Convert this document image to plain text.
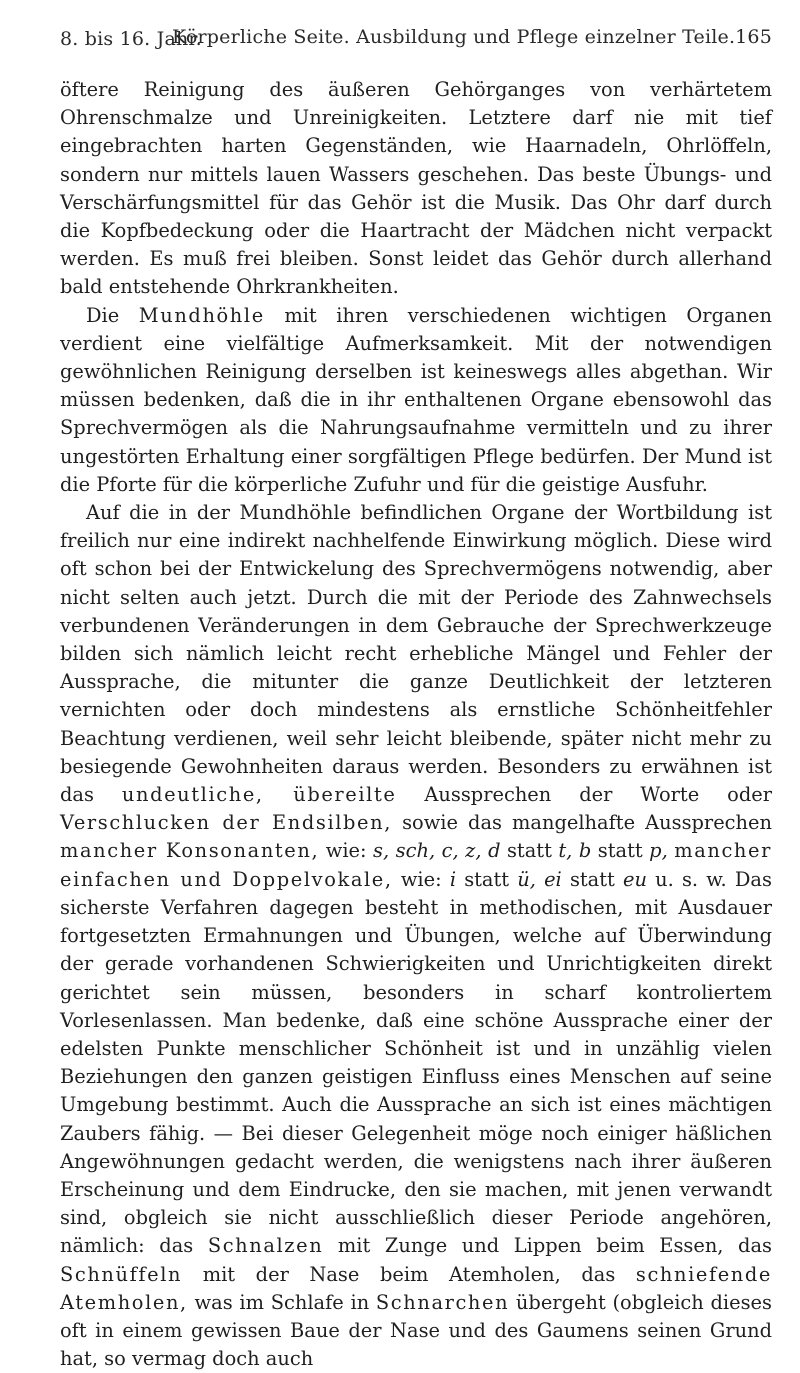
8. bis 16. Jahr.
Körperliche Seite. Ausbildung und Pflege einzelner Teile. 165

öftere Reinigung des äußeren Gehörganges von verhärtetem Ohrenschmalze und Unreinigkeiten. Letztere darf nie mit tief eingebrachten harten Gegenständen, wie Haarnadeln, Ohrlöffeln, sondern nur mittels lauen Wassers geschehen. Das beste Übungs- und Verschärfungsmittel für das Gehör ist die Musik. Das Ohr darf durch die Kopfbedeckung oder die Haartracht der Mädchen nicht verpackt werden. Es muß frei bleiben. Sonst leidet das Gehör durch allerhand bald entstehende Ohrkrankheiten.

Die Mundhöhle mit ihren verschiedenen wichtigen Organen verdient eine vielfältige Aufmerksamkeit. Mit der notwendigen gewöhnlichen Reinigung derselben ist keineswegs alles abgethan. Wir müssen bedenken, daß die in ihr enthaltenen Organe ebensowohl das Sprechvermögen als die Nahrungsaufnahme vermitteln und zu ihrer ungestörten Erhaltung einer sorgfältigen Pflege bedürfen. Der Mund ist die Pforte für die körperliche Zufuhr und für die geistige Ausfuhr.

Auf die in der Mundhöhle befindlichen Organe der Wortbildung ist freilich nur eine indirekt nachhelfende Einwirkung möglich. Diese wird oft schon bei der Entwickelung des Sprechvermögens notwendig, aber nicht selten auch jetzt. Durch die mit der Periode des Zahnwechsels verbundenen Veränderungen in dem Gebrauche der Sprechwerkzeuge bilden sich nämlich leicht recht erhebliche Mängel und Fehler der Aussprache, die mitunter die ganze Deutlichkeit der letzteren vernichten oder doch mindestens als ernstliche Schönheitfehler Beachtung verdienen, weil sehr leicht bleibende, später nicht mehr zu besiegende Gewohnheiten daraus werden. Besonders zu erwähnen ist das undeutliche, übereilte Aussprechen der Worte oder Verschlucken der Endsilben, sowie das mangelhafte Aussprechen mancher Konsonanten, wie: s, sch, c, z, d statt t, b statt p, mancher einfachen und Doppelvokale, wie: i statt ü, ei statt eu u. s. w. Das sicherste Verfahren dagegen besteht in methodischen, mit Ausdauer fortgesetzten Ermahnungen und Übungen, welche auf Überwindung der gerade vorhandenen Schwierigkeiten und Unrichtigkeiten direkt gerichtet sein müssen, besonders in scharf kontroliertem Vorlesenlassen. Man bedenke, daß eine schöne Aussprache einer der edelsten Punkte menschlicher Schönheit ist und in unzählig vielen Beziehungen den ganzen geistigen Einfluss eines Menschen auf seine Umgebung bestimmt. Auch die Aussprache an sich ist eines mächtigen Zaubers fähig. — Bei dieser Gelegenheit möge noch einiger häßlichen Angewöhnungen gedacht werden, die wenigstens nach ihrer äußeren Erscheinung und dem Eindrucke, den sie machen, mit jenen verwandt sind, obgleich sie nicht ausschließlich dieser Periode angehören, nämlich: das Schnalzen mit Zunge und Lippen beim Essen, das Schnüffeln mit der Nase beim Atemholen, das schniefende Atemholen, was im Schlafe in Schnarchen übergeht (obgleich dieses oft in einem gewissen Baue der Nase und des Gaumens seinen Grund hat, so vermag doch auch
